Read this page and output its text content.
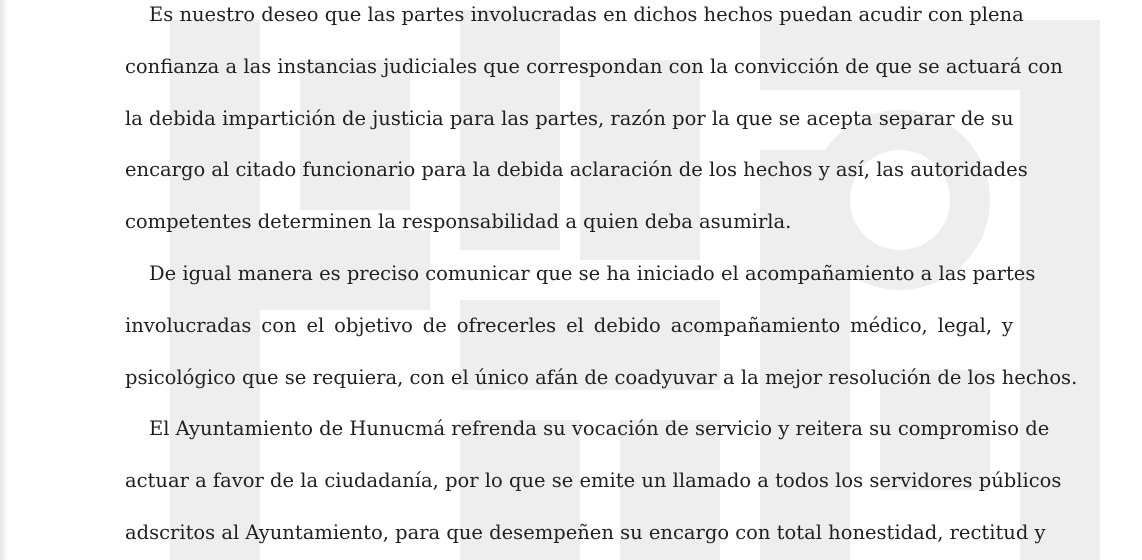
Es nuestro deseo que las partes involucradas en dichos hechos puedan acudir con plena
confianza a las instancias judiciales que correspondan con la convicción de que se actuará con
la debida impartición de justicia para las partes, razón por la que se acepta separar de su
encargo al citado funcionario para la debida aclaración de los hechos y así, las autoridades
competentes determinen la responsabilidad a quien deba asumirla.
De igual manera es preciso comunicar que se ha iniciado el acompañamiento a las partes
involucradas con el objetivo de ofrecerles el debido acompañamiento médico, legal, y
psicológico que se requiera, con el único afán de coadyuvar a la mejor resolución de los hechos.
El Ayuntamiento de Hunucmá refrenda su vocación de servicio y reitera su compromiso de
actuar a favor de la ciudadanía, por lo que se emite un llamado a todos los servidores públicos
adscritos al Ayuntamiento, para que desempeñen su encargo con total honestidad, rectitud y
